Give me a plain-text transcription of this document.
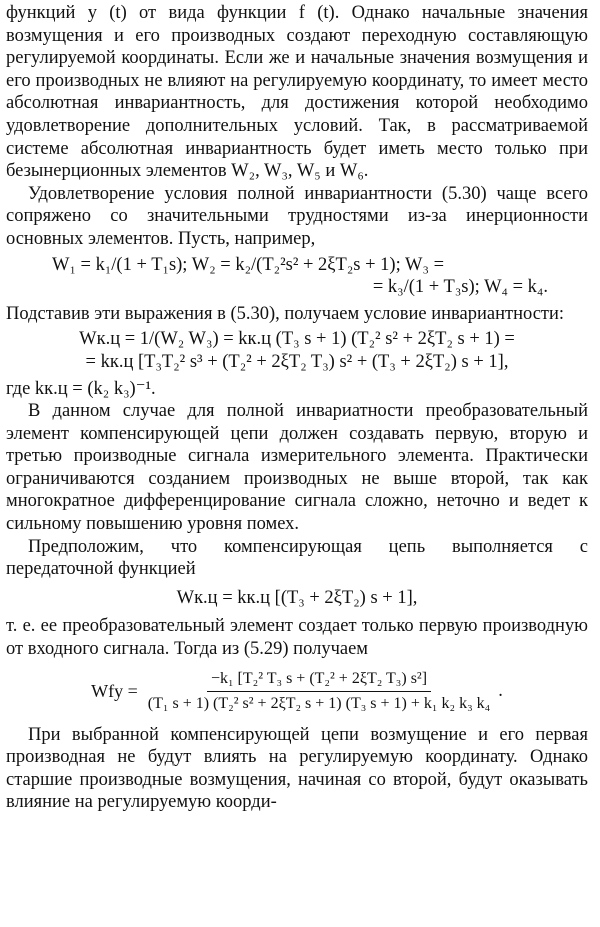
функций y (t) от вида функции f (t). Однако начальные значения возмущения и его производных создают переходную составляющую регулируемой координаты. Если же и начальные значения возмущения и его производных не влияют на регулируемую координату, то имеет место абсолютная инвариантность, для достижения которой необходимо удовлетворение дополнительных условий. Так, в рассматриваемой системе абсолютная инвариантность будет иметь место только при безынерционных элементов W₂, W₃, W₅ и W₆.

Удовлетворение условия полной инвариантности (5.30) чаще всего сопряжено со значительными трудностями из-за инерционности основных элементов. Пусть, например,

W₁ = k₁/(1 + T₁s); W₂ = k₂/(T₂²s² + 2ξT₂s + 1); W₃ =
= k₃/(1 + T₃s); W₄ = k₄.

Подставив эти выражения в (5.30), получаем условие инвариантности:

Wк.ц = 1/(W₂ W₃) = kк.ц (T₃ s + 1) (T₂² s² + 2ξT₂ s + 1) =
= kк.ц [T₃T₂² s³ + (T₂² + 2ξT₂ T₃) s² + (T₃ + 2ξT₂) s + 1],

где kк.ц = (k₂ k₃)⁻¹.

В данном случае для полной инвариатности преобразовательный элемент компенсирующей цепи должен создавать первую, вторую и третью производные сигнала измерительного элемента. Практически ограничиваются созданием производных не выше второй, так как многократное дифференцирование сигнала сложно, неточно и ведет к сильному повышению уровня помех.

Предположим, что компенсирующая цепь выполняется с передаточной функцией

Wк.ц = kк.ц [(T₃ + 2ξT₂) s + 1],

т. е. ее преобразовательный элемент создает только первую производную от входного сигнала. Тогда из (5.29) получаем

Wfy = $\frac{\text{−k₁ [T₂² T₃ s + (T₂² + 2ξT₂ T₃) s²]}}{\text{(T₁ s + 1) (T₂² s² + 2ξT₂ s + 1) (T₃ s + 1) + k₁ k₂ k₃ k₄}}$ .

При выбранной компенсирующей цепи возмущение и его первая производная не будут влиять на регулируемую координату. Однако старшие производные возмущения, начиная со второй, будут оказывать влияние на регулируемую коорди-
